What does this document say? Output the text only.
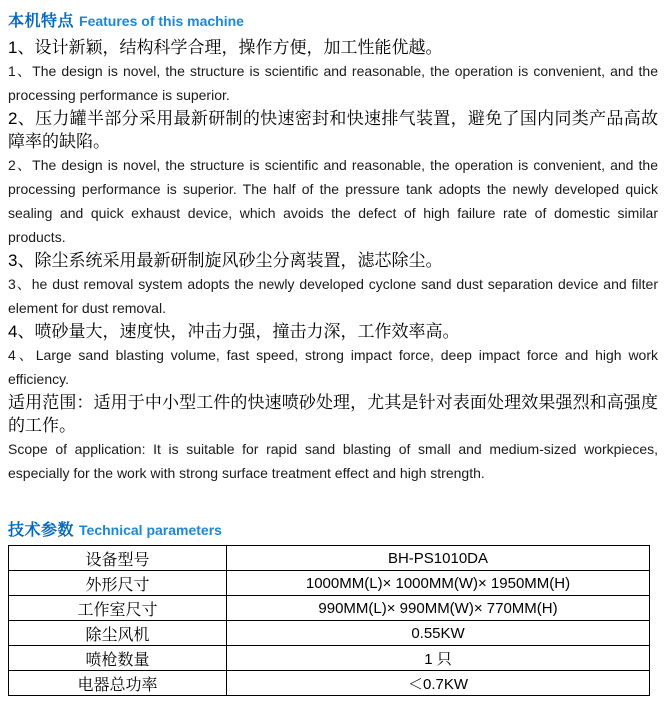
本机特点 Features of this machine

1、设计新颖，结构科学合理，操作方便，加工性能优越。

1、The design is novel, the structure is scientific and reasonable, the operation is convenient, and the processing performance is superior.

2、压力罐半部分采用最新研制的快速密封和快速排气装置，避免了国内同类产品高故障率的缺陷。

2、The design is novel, the structure is scientific and reasonable, the operation is convenient, and the processing performance is superior. The half of the pressure tank adopts the newly developed quick sealing and quick exhaust device, which avoids the defect of high failure rate of domestic similar products.

3、除尘系统采用最新研制旋风砂尘分离装置，滤芯除尘。

3、he dust removal system adopts the newly developed cyclone sand dust separation device and filter element for dust removal.

4、喷砂量大，速度快，冲击力强，撞击力深，工作效率高。

4、Large sand blasting volume, fast speed, strong impact force, deep impact force and high work efficiency.

适用范围：适用于中小型工件的快速喷砂处理，尤其是针对表面处理效果强烈和高强度的工作。

Scope of application: It is suitable for rapid sand blasting of small and medium-sized workpieces, especially for the work with strong surface treatment effect and high strength.

技术参数 Technical parameters
设备型号	BH-PS1010DA
外形尺寸	1000MM(L)× 1000MM(W)× 1950MM(H)
工作室尺寸	990MM(L)× 990MM(W)× 770MM(H)
除尘风机	0.55KW
喷枪数量	1 只
电器总功率	＜0.7KW
